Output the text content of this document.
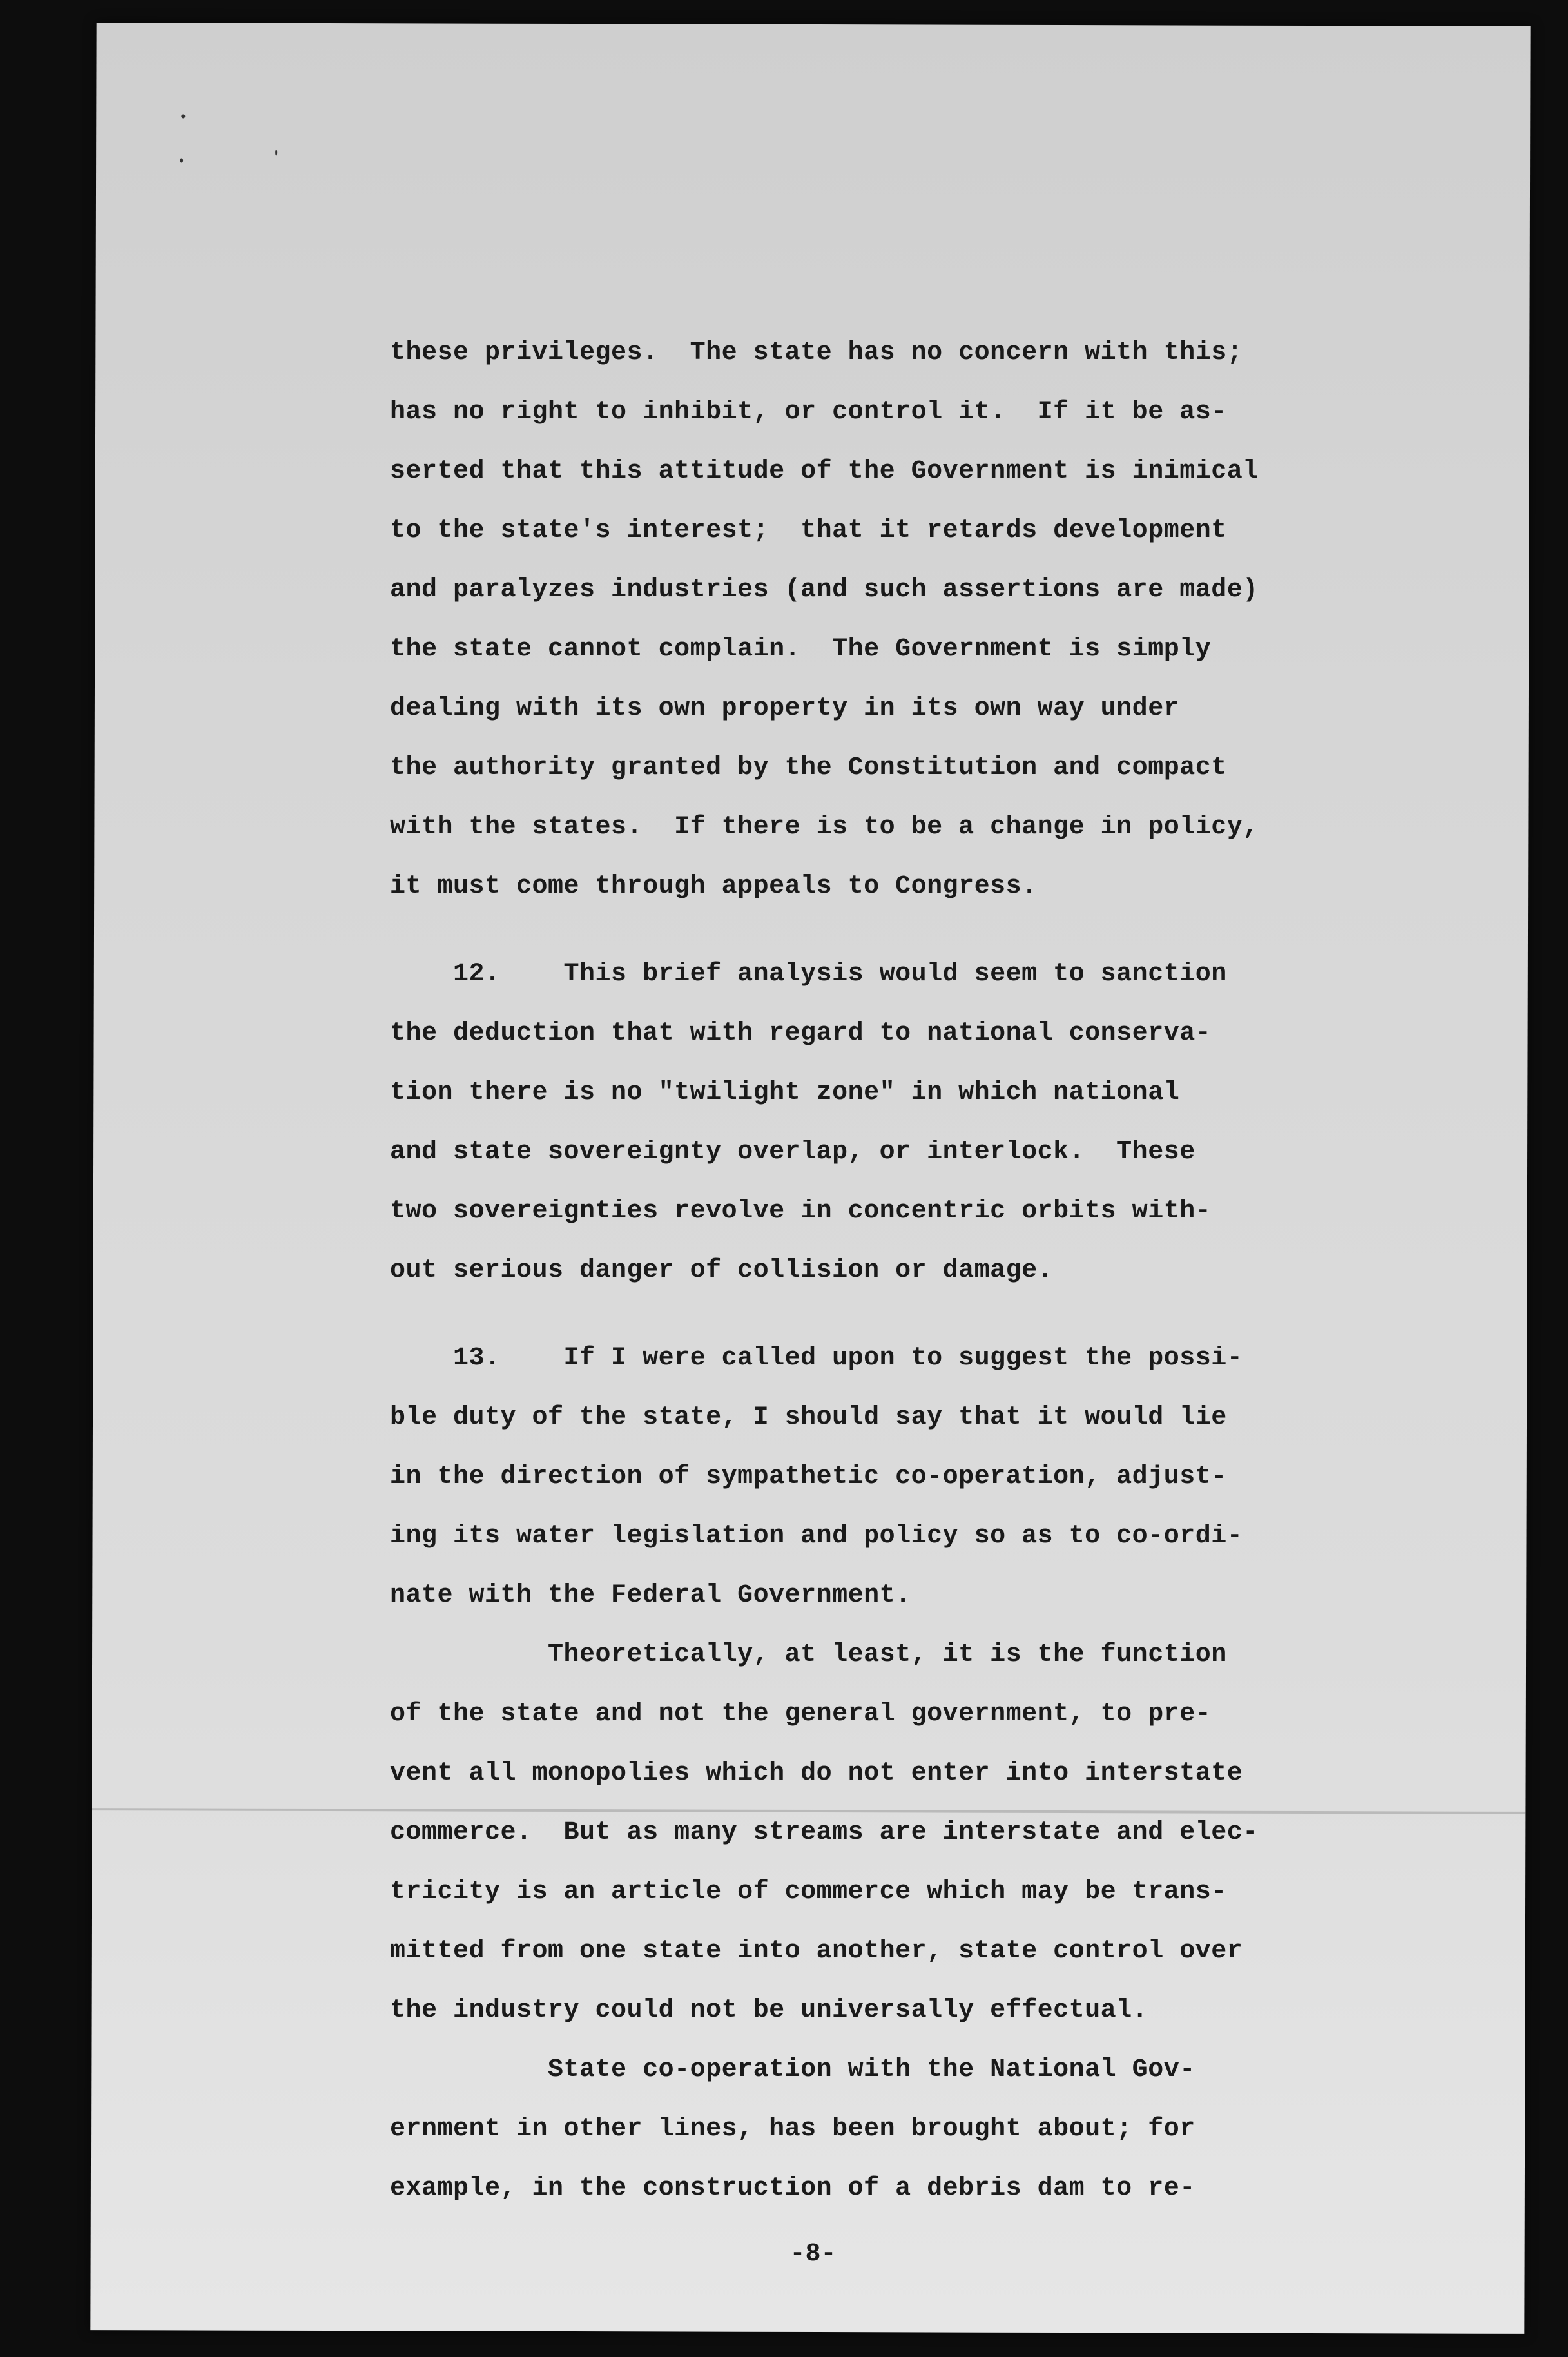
these privileges.  The state has no concern with this;
has no right to inhibit, or control it.  If it be as-
serted that this attitude of the Government is inimical
to the state's interest;  that it retards development
and paralyzes industries (and such assertions are made)
the state cannot complain.  The Government is simply
dealing with its own property in its own way under
the authority granted by the Constitution and compact
with the states.  If there is to be a change in policy,
it must come through appeals to Congress.
12.    This brief analysis would seem to sanction
the deduction that with regard to national conserva-
tion there is no "twilight zone" in which national
and state sovereignty overlap, or interlock.  These
two sovereignties revolve in concentric orbits with-
out serious danger of collision or damage.
13.    If I were called upon to suggest the possi-
ble duty of the state, I should say that it would lie
in the direction of sympathetic co-operation, adjust-
ing its water legislation and policy so as to co-ordi-
nate with the Federal Government.
Theoretically, at least, it is the function
of the state and not the general government, to pre-
vent all monopolies which do not enter into interstate
commerce.  But as many streams are interstate and elec-
tricity is an article of commerce which may be trans-
mitted from one state into another, state control over
the industry could not be universally effectual.
State co-operation with the National Gov-
ernment in other lines, has been brought about; for
example, in the construction of a debris dam to re-
-8-
